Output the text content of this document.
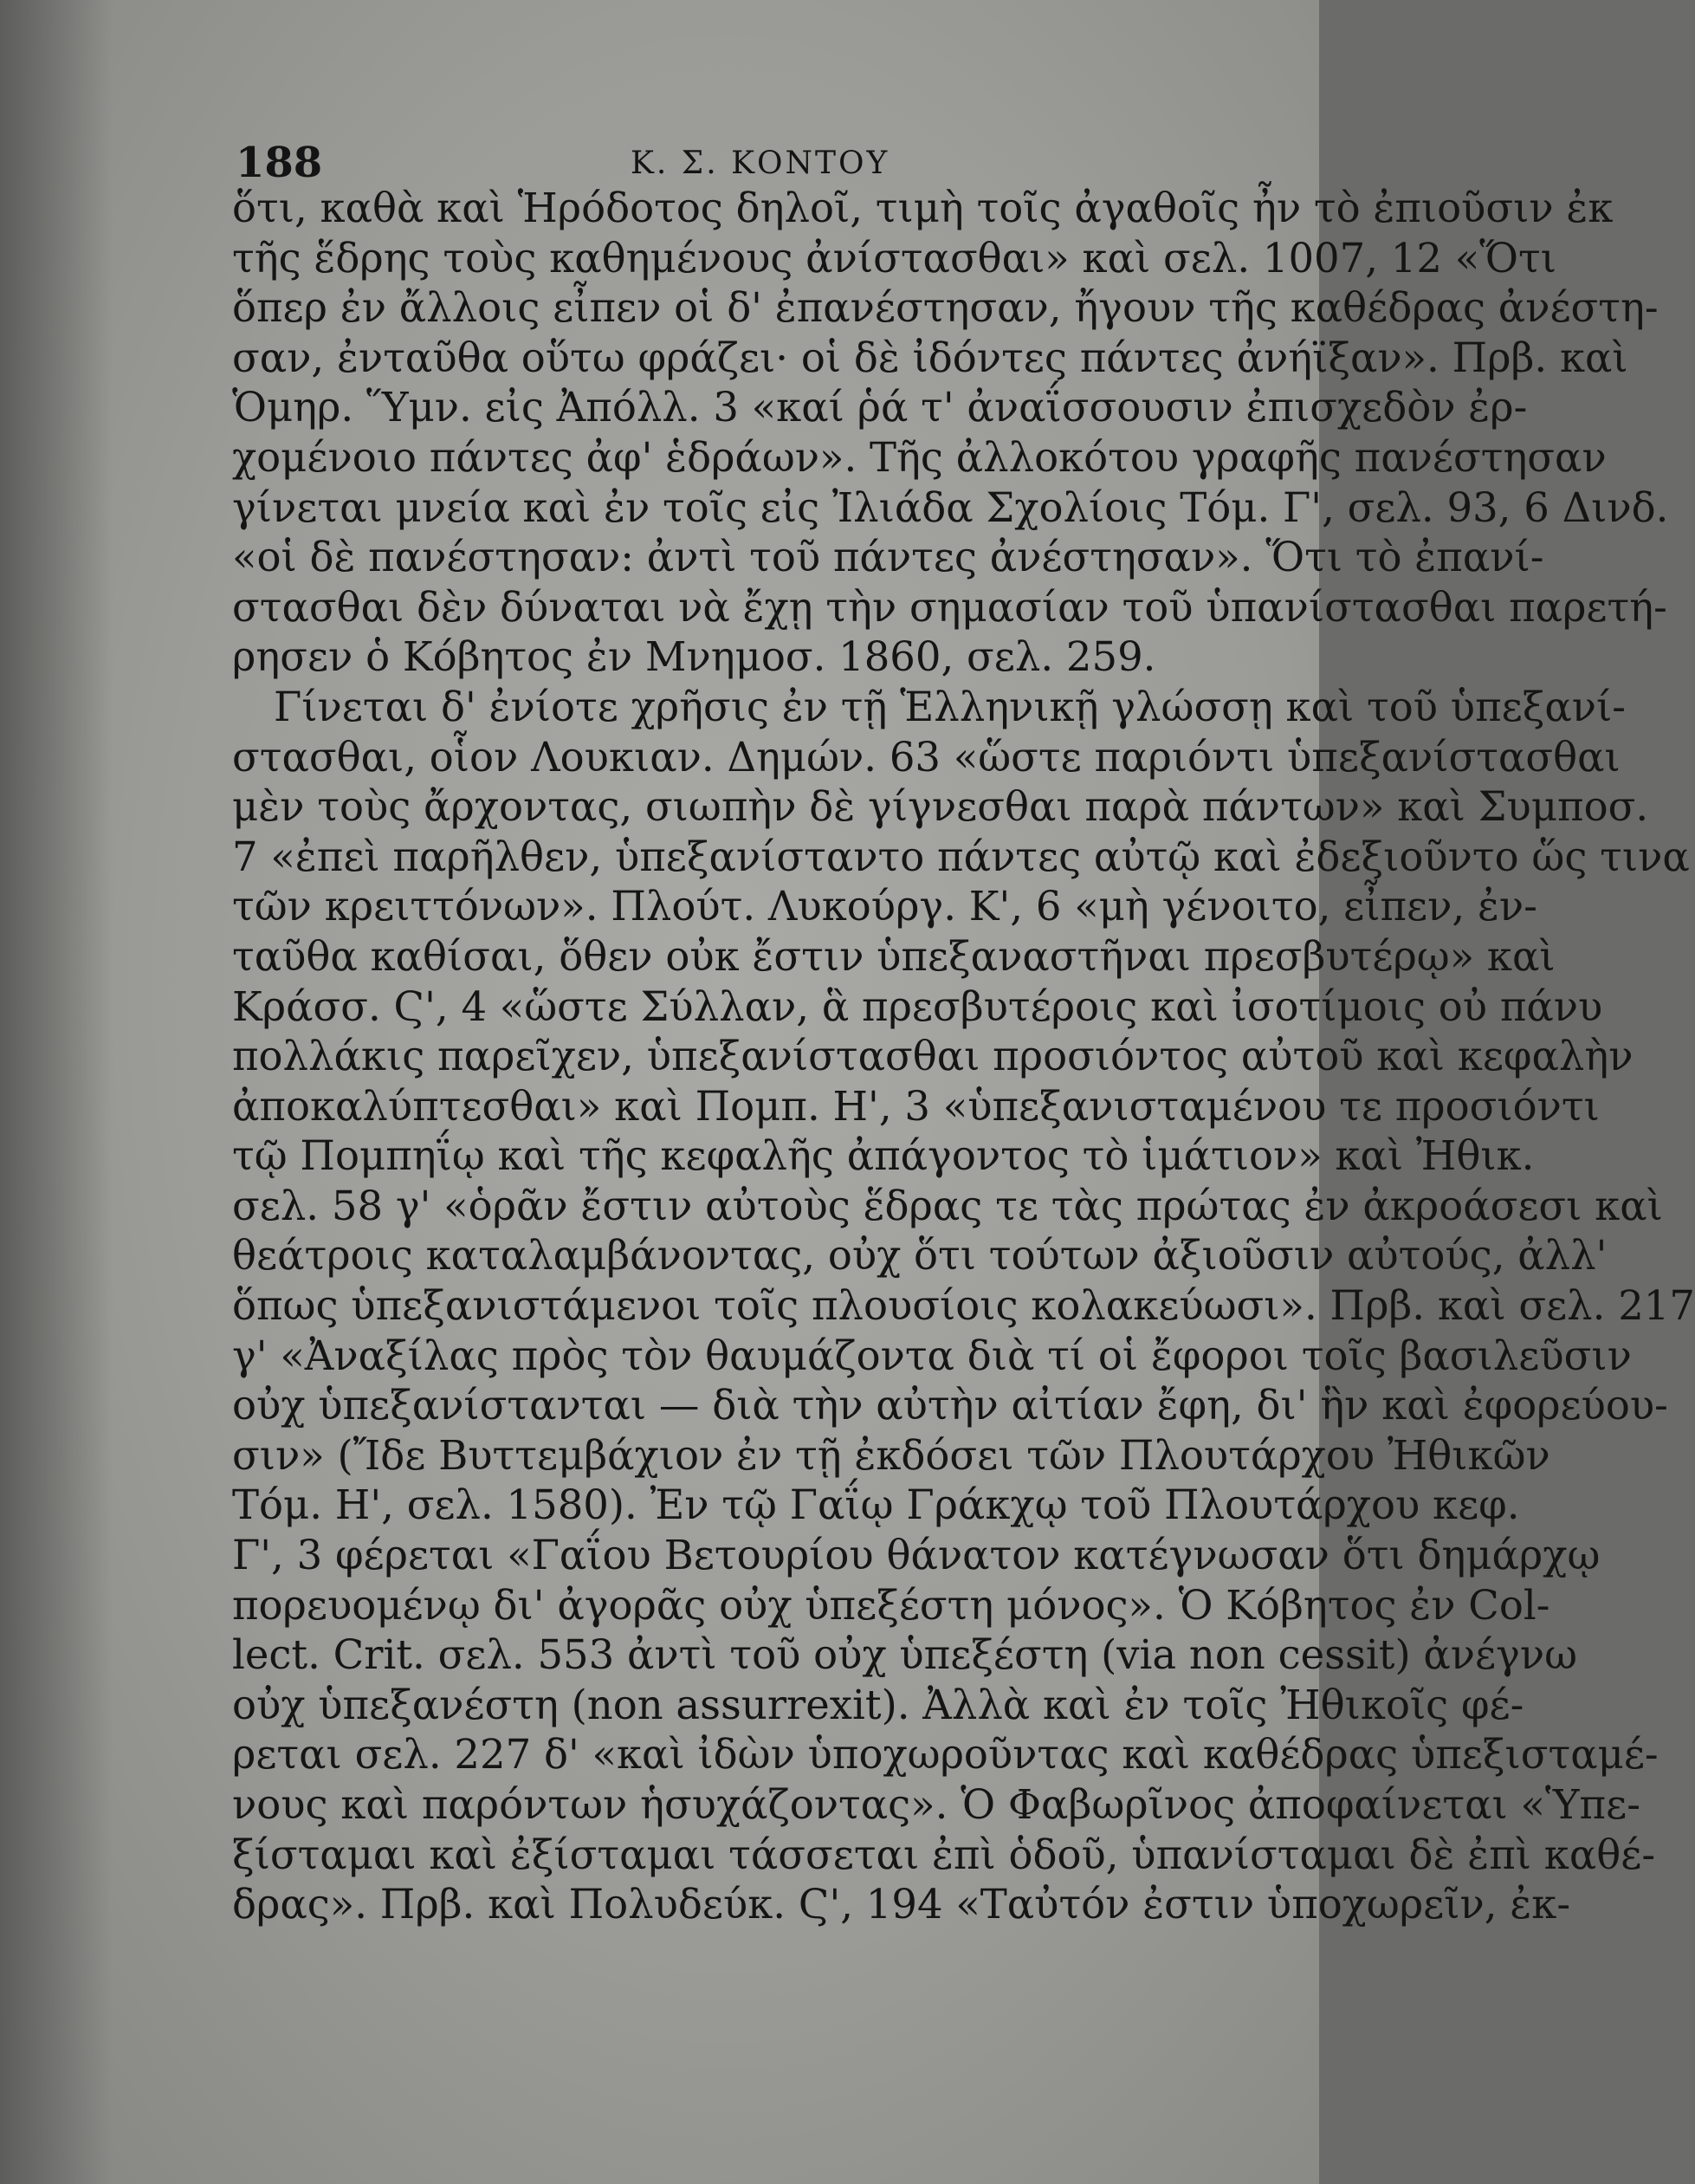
188	Κ. Σ. ΚΟΝΤΟΥ
ὅτι, καθὰ καὶ Ἡρόδοτος δηλοῖ, τιμὴ τοῖς ἀγαθοῖς ἦν τὸ ἐπιοῦσιν ἐκ
τῆς ἕδρης τοὺς καθημένους ἀνίστασθαι» καὶ σελ. 1007, 12 «Ὅτι
ὅπερ ἐν ἄλλοις εἶπεν οἱ δ' ἐπανέστησαν, ἤγουν τῆς καθέδρας ἀνέστη-
σαν, ἐνταῦθα οὕτω φράζει· οἱ δὲ ἰδόντες πάντες ἀνήϊξαν». Πρβ. καὶ
Ὁμηρ. Ὕμν. εἰς Ἀπόλλ. 3 «καί ῥά τ' ἀναΐσσουσιν ἐπισχεδὸν ἐρ-
χομένοιο πάντες ἀφ' ἑδράων». Τῆς ἀλλοκότου γραφῆς πανέστησαν
γίνεται μνεία καὶ ἐν τοῖς εἰς Ἰλιάδα Σχολίοις Τόμ. Γ', σελ. 93, 6 Δινδ.
«οἱ δὲ πανέστησαν: ἀντὶ τοῦ πάντες ἀνέστησαν». Ὅτι τὸ ἐπανί-
στασθαι δὲν δύναται νὰ ἔχῃ τὴν σημασίαν τοῦ ὑπανίστασθαι παρετή-
ρησεν ὁ Κόβητος ἐν Μνημοσ. 1860, σελ. 259.
Γίνεται δ' ἐνίοτε χρῆσις ἐν τῇ Ἑλληνικῇ γλώσσῃ καὶ τοῦ ὑπεξανί-
στασθαι, οἷον Λουκιαν. Δημών. 63 «ὥστε παριόντι ὑπεξανίστασθαι
μὲν τοὺς ἄρχοντας, σιωπὴν δὲ γίγνεσθαι παρὰ πάντων» καὶ Συμποσ.
7 «ἐπεὶ παρῆλθεν, ὑπεξανίσταντο πάντες αὐτῷ καὶ ἐδεξιοῦντο ὥς τινα
τῶν κρειττόνων». Πλούτ. Λυκούργ. Κ', 6 «μὴ γένοιτο, εἶπεν, ἐν-
ταῦθα καθίσαι, ὅθεν οὐκ ἔστιν ὑπεξαναστῆναι πρεσβυτέρῳ» καὶ
Κράσσ. Ϛ', 4 «ὥστε Σύλλαν, ἃ πρεσβυτέροις καὶ ἰσοτίμοις οὐ πάνυ
πολλάκις παρεῖχεν, ὑπεξανίστασθαι προσιόντος αὐτοῦ καὶ κεφαλὴν
ἀποκαλύπτεσθαι» καὶ Πομπ. Η', 3 «ὑπεξανισταμένου τε προσιόντι
τῷ Πομπηΐῳ καὶ τῆς κεφαλῆς ἀπάγοντος τὸ ἱμάτιον» καὶ Ἠθικ.
σελ. 58 γ' «ὁρᾶν ἔστιν αὐτοὺς ἕδρας τε τὰς πρώτας ἐν ἀκροάσεσι καὶ
θεάτροις καταλαμβάνοντας, οὐχ ὅτι τούτων ἀξιοῦσιν αὐτούς, ἀλλ'
ὅπως ὑπεξανιστάμενοι τοῖς πλουσίοις κολακεύωσι». Πρβ. καὶ σελ. 217
γ' «Ἀναξίλας πρὸς τὸν θαυμάζοντα διὰ τί οἱ ἔφοροι τοῖς βασιλεῦσιν
οὐχ ὑπεξανίστανται — διὰ τὴν αὐτὴν αἰτίαν ἔφη, δι' ἣν καὶ ἐφορεύου-
σιν» (Ἴδε Βυττεμβάχιον ἐν τῇ ἐκδόσει τῶν Πλουτάρχου Ἠθικῶν
Τόμ. Η', σελ. 1580). Ἐν τῷ Γαΐῳ Γράκχῳ τοῦ Πλουτάρχου κεφ.
Γ', 3 φέρεται «Γαΐου Βετουρίου θάνατον κατέγνωσαν ὅτι δημάρχῳ
πορευομένῳ δι' ἀγορᾶς οὐχ ὑπεξέστη μόνος». Ὁ Κόβητος ἐν Col-
lect. Crit. σελ. 553 ἀντὶ τοῦ οὐχ ὑπεξέστη (via non cessit) ἀνέγνω
οὐχ ὑπεξανέστη (non assurrexit). Ἀλλὰ καὶ ἐν τοῖς Ἠθικοῖς φέ-
ρεται σελ. 227 δ' «καὶ ἰδὼν ὑποχωροῦντας καὶ καθέδρας ὑπεξισταμέ-
νους καὶ παρόντων ἡσυχάζοντας». Ὁ Φαβωρῖνος ἀποφαίνεται «Ὑπε-
ξίσταμαι καὶ ἐξίσταμαι τάσσεται ἐπὶ ὁδοῦ, ὑπανίσταμαι δὲ ἐπὶ καθέ-
δρας». Πρβ. καὶ Πολυδεύκ. Ϛ', 194 «Ταὐτόν ἐστιν ὑποχωρεῖν, ἐκ-
